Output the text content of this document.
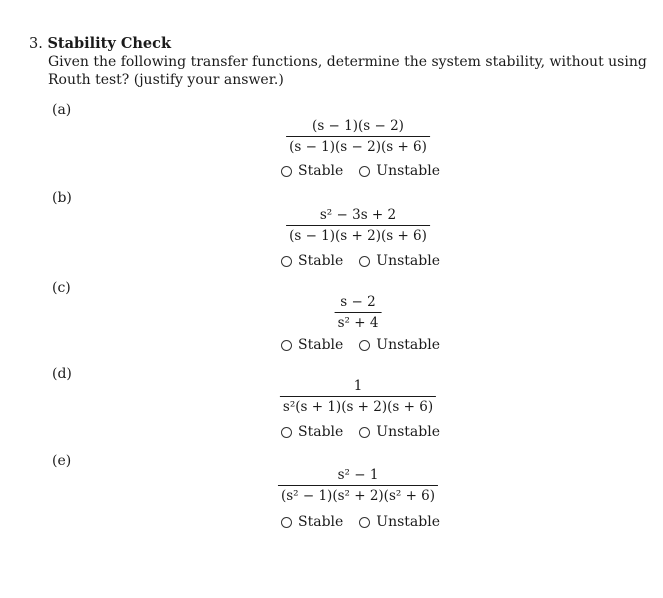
3. Stability Check
Given the following transfer functions, determine the system stability, without using Routh test? (justify your answer.)
(a)
(s − 1)(s − 2)
(s − 1)(s − 2)(s + 6)
Stable Unstable
(b)
s² − 3s + 2
(s − 1)(s + 2)(s + 6)
Stable Unstable
(c)
s − 2
s² + 4
Stable Unstable
(d)
1
s²(s + 1)(s + 2)(s + 6)
Stable Unstable
(e)
s² − 1
(s² − 1)(s² + 2)(s² + 6)
Stable Unstable
